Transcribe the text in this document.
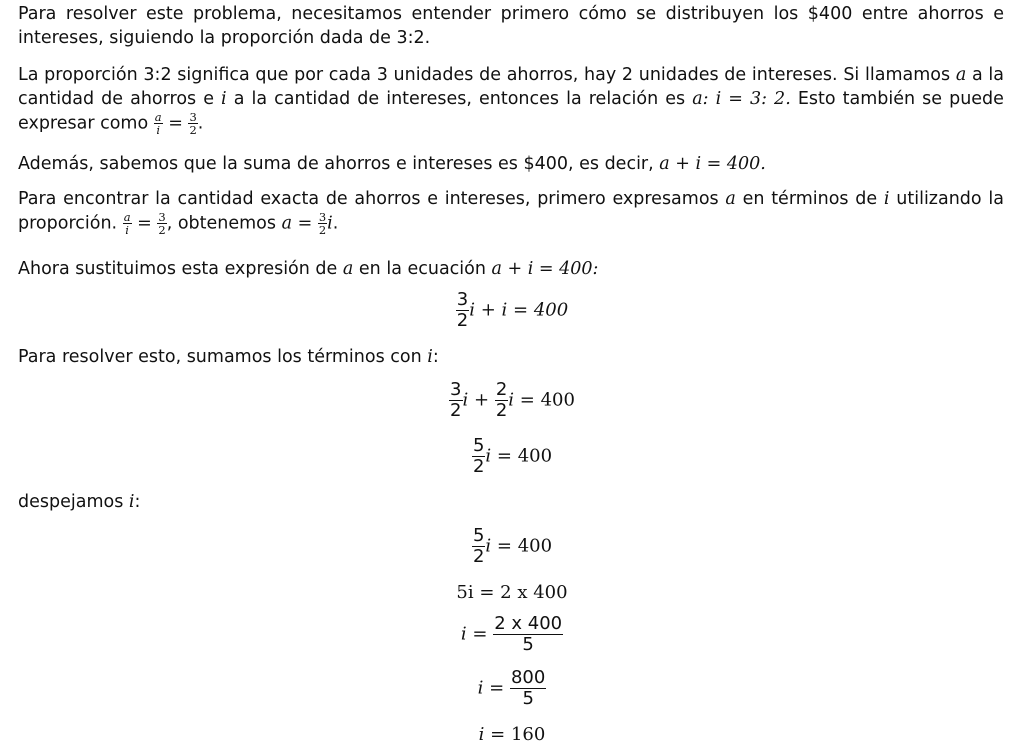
Para resolver este problema, necesitamos entender primero cómo se distribuyen los $400 entre ahorros e intereses, siguiendo la proporción dada de 3:2.

La proporción 3:2 significa que por cada 3 unidades de ahorros, hay 2 unidades de intereses. Si llamamos a a la cantidad de ahorros e i a la cantidad de intereses, entonces la relación es a: i = 3: 2. Esto también se puede expresar como $\frac{a}{i} = \frac{3}{2}$ .

Además, sabemos que la suma de ahorros e intereses es $400, es decir, a + i = 400.

Para encontrar la cantidad exacta de ahorros e intereses, primero expresamos a en términos de i utilizando la proporción. $\frac{a}{i} = \frac{3}{2}$ , obtenemos $a = \frac{3}{2} i$.

Ahora sustituimos esta expresión de a en la ecuación a + i = 400:

$\frac{3}{2}$ i + i = 400

Para resolver esto, sumamos los términos con i:

$\frac{3}{2}$ $i + \frac{2}{2}$ i = 400
$\frac{5}{2}$ i = 400

despejamos i:

$\frac{5}{2}$ i = 400
5i = 2 x 400
$i = \frac{2 x 400}{5}$
$i = \frac{800}{5}$
i = 160
